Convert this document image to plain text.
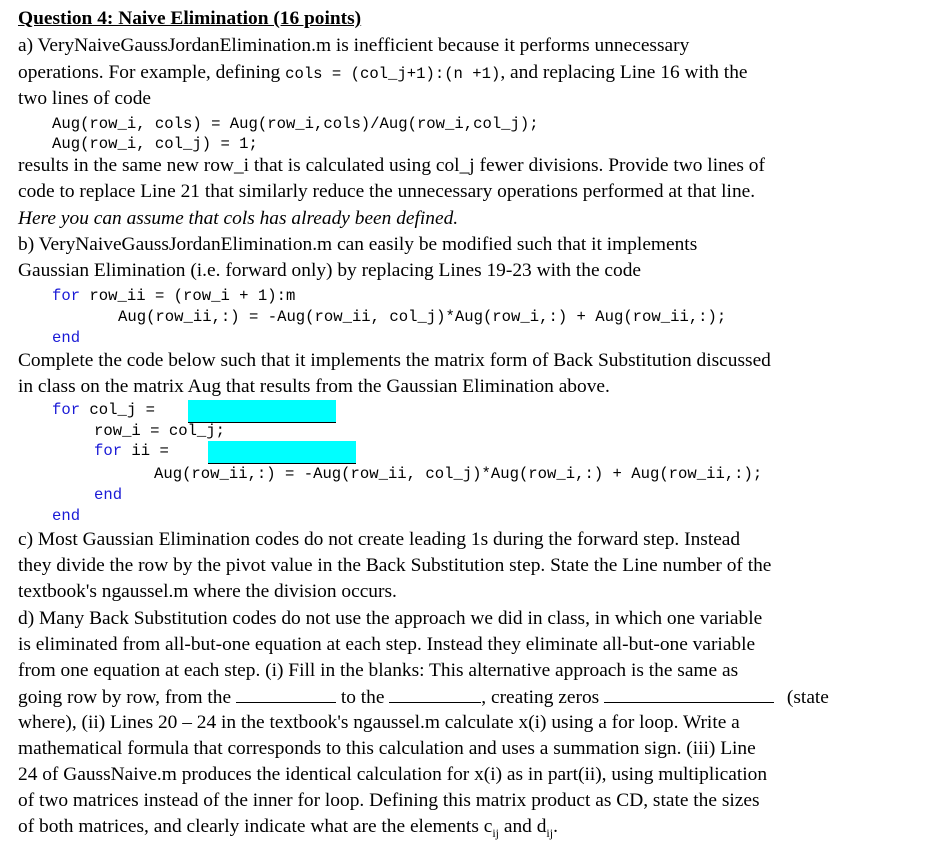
Question 4: Naive Elimination (16 points)
a) VeryNaiveGaussJordanElimination.m is inefficient because it performs unnecessary
operations. For example, defining cols = (col_j+1):(n +1), and replacing Line 16 with the
two lines of code
Aug(row_i, cols) = Aug(row_i,cols)/Aug(row_i,col_j);
Aug(row_i, col_j) = 1;
results in the same new row_i that is calculated using col_j fewer divisions. Provide two lines of
code to replace Line 21 that similarly reduce the unnecessary operations performed at that line.
Here you can assume that cols has already been defined.
b) VeryNaiveGaussJordanElimination.m can easily be modified such that it implements
Gaussian Elimination (i.e. forward only) by replacing Lines 19-23 with the code
for row_ii = (row_i + 1):m
Aug(row_ii,:) = -Aug(row_ii, col_j)*Aug(row_i,:) + Aug(row_ii,:);
end
Complete the code below such that it implements the matrix form of Back Substitution discussed
in class on the matrix Aug that results from the Gaussian Elimination above.
for col_j =
row_i = col_j;
for ii =
Aug(row_ii,:) = -Aug(row_ii, col_j)*Aug(row_i,:) + Aug(row_ii,:);
end
end
c) Most Gaussian Elimination codes do not create leading 1s during the forward step. Instead
they divide the row by the pivot value in the Back Substitution step. State the Line number of the
textbook's ngaussel.m where the division occurs.
d) Many Back Substitution codes do not use the approach we did in class, in which one variable
is eliminated from all-but-one equation at each step. Instead they eliminate all-but-one variable
from one equation at each step. (i) Fill in the blanks: This alternative approach is the same as
going row by row, from the	to the	, creating zeros	(state
where), (ii) Lines 20 – 24 in the textbook's ngaussel.m calculate x(i) using a for loop. Write a
mathematical formula that corresponds to this calculation and uses a summation sign. (iii) Line
24 of GaussNaive.m produces the identical calculation for x(i) as in part(ii), using multiplication
of two matrices instead of the inner for loop. Defining this matrix product as CD, state the sizes
of both matrices, and clearly indicate what are the elements $c_{ij}$ and $d_{ij}$.
